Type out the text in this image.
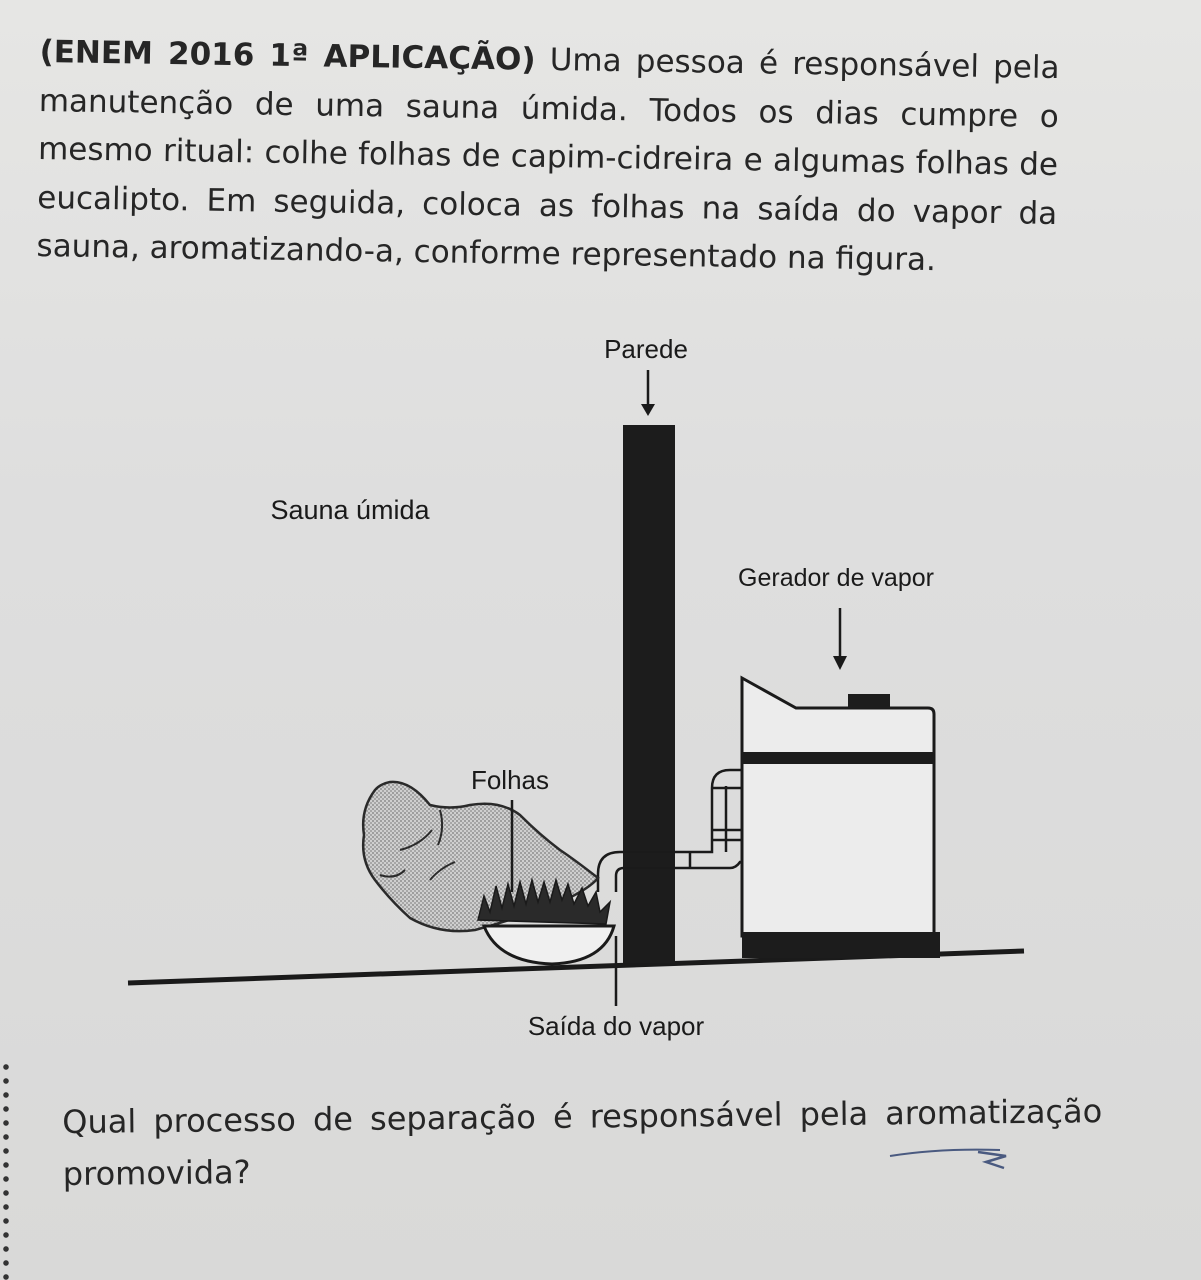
(ENEM 2016 1ª APLICAÇÃO) Uma pessoa é responsável pela manutenção de uma sauna úmida. Todos os dias cumpre o mesmo ritual: colhe folhas de capim-cidreira e algumas folhas de eucalipto. Em seguida, coloca as folhas na saída do vapor da sauna, aromatizando-a, conforme representado na figura.
Parede
Sauna úmida
Gerador de vapor
Folhas
Saída do vapor
Qual processo de separação é responsável pela aromatização
promovida?
